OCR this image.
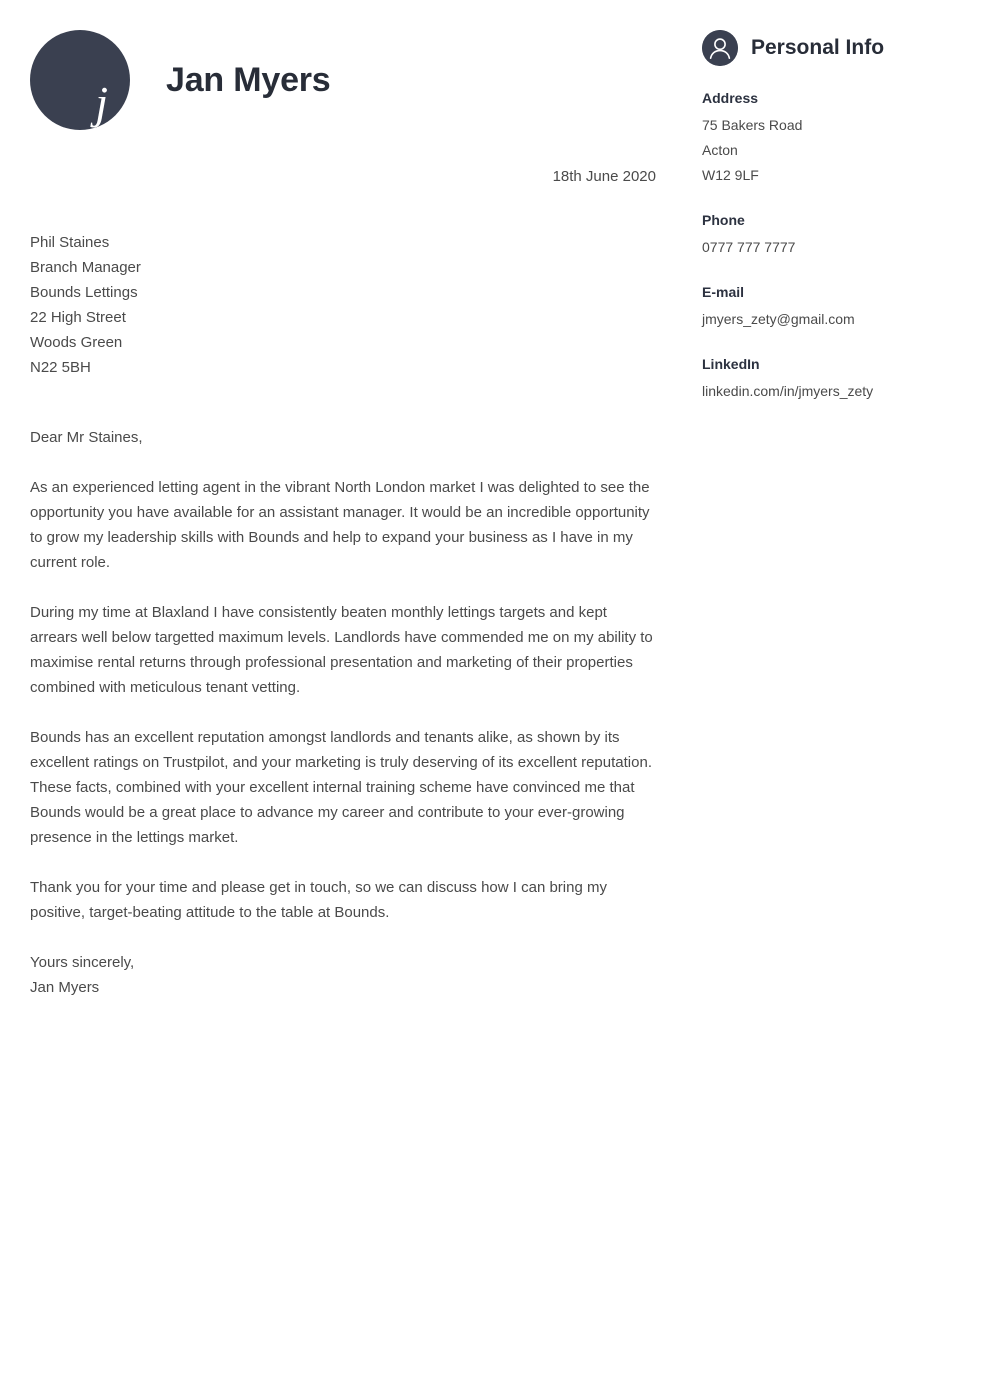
j Jan Myers
18th June 2020
Phil Staines
Branch Manager
Bounds Lettings
22 High Street
Woods Green
N22 5BH
Dear Mr Staines,

As an experienced letting agent in the vibrant North London market I was delighted to see the opportunity you have available for an assistant manager. It would be an incredible opportunity to grow my leadership skills with Bounds and help to expand your business as I have in my current role.

During my time at Blaxland I have consistently beaten monthly lettings targets and kept arrears well below targetted maximum levels. Landlords have commended me on my ability to maximise rental returns through professional presentation and marketing of their properties combined with meticulous tenant vetting.

Bounds has an excellent reputation amongst landlords and tenants alike, as shown by its excellent ratings on Trustpilot, and your marketing is truly deserving of its excellent reputation. These facts, combined with your excellent internal training scheme have convinced me that Bounds would be a great place to advance my career and contribute to your ever-growing presence in the lettings market.

Thank you for your time and please get in touch, so we can discuss how I can bring my positive, target-beating attitude to the table at Bounds.

Yours sincerely,
Jan Myers
Personal Info
Address
75 Bakers Road
Acton
W12 9LF
Phone
0777 777 7777
E-mail
jmyers_zety@gmail.com
LinkedIn
linkedin.com/in/jmyers_zety
